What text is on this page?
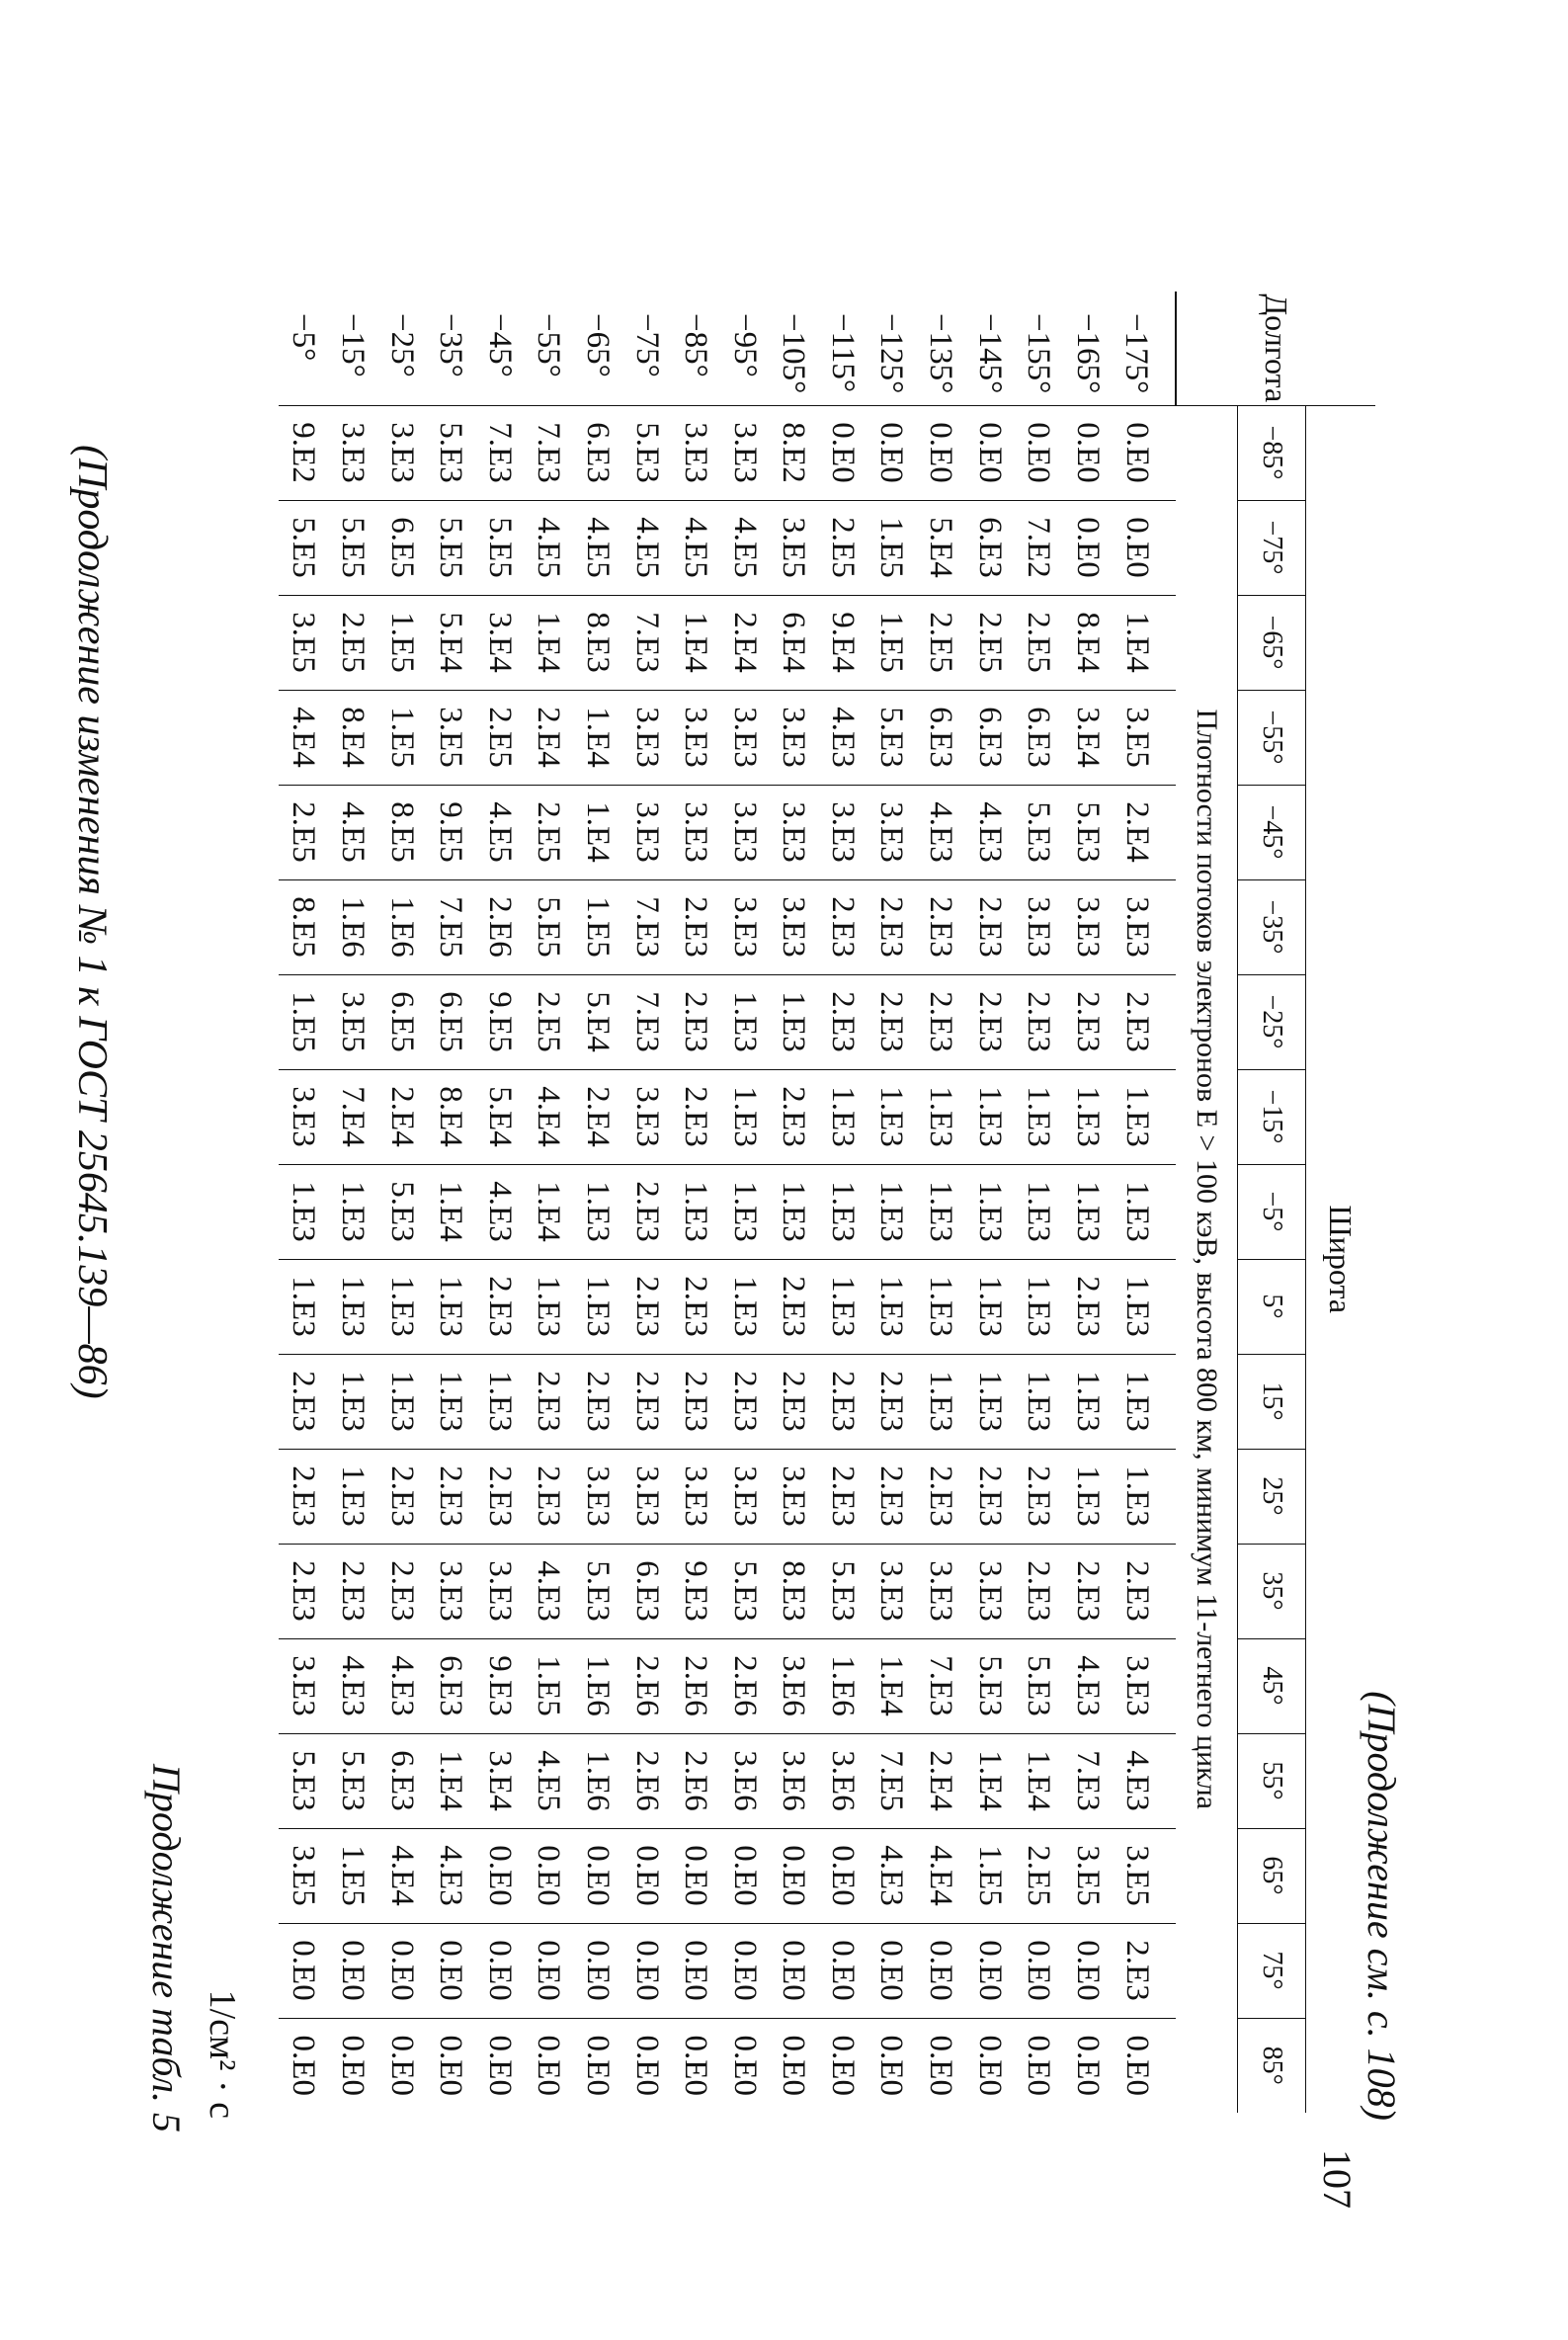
(Продолжение изменения № 1 к ГОСТ 25645.139—86)
Продолжение табл. 5 1/см² · с
Долгота	Широта																	
	−85°	−75°	−65°	−55°	−45°	−35°	−25°	−15°	−5°	5°	15°	25°	35°	45°	55°	65°	75°	85°
	Плотности потоков электронов E > 100 кэВ, высота 800 км, минимум 11-летнего цикла																	
−175°	0.E0	0.E0	1.E4	3.E5	2.E4	3.E3	2.E3	1.E3	1.E3	1.E3	1.E3	1.E3	2.E3	3.E3	4.E3	3.E5	2.E3	0.E0
−165°	0.E0	0.E0	8.E4	3.E4	5.E3	3.E3	2.E3	1.E3	1.E3	2.E3	1.E3	1.E3	2.E3	4.E3	7.E3	3.E5	0.E0	0.E0
−155°	0.E0	7.E2	2.E5	6.E3	5.E3	3.E3	2.E3	1.E3	1.E3	1.E3	1.E3	2.E3	2.E3	5.E3	1.E4	2.E5	0.E0	0.E0
−145°	0.E0	6.E3	2.E5	6.E3	4.E3	2.E3	2.E3	1.E3	1.E3	1.E3	1.E3	2.E3	3.E3	5.E3	1.E4	1.E5	0.E0	0.E0
−135°	0.E0	5.E4	2.E5	6.E3	4.E3	2.E3	2.E3	1.E3	1.E3	1.E3	1.E3	2.E3	3.E3	7.E3	2.E4	4.E4	0.E0	0.E0
−125°	0.E0	1.E5	1.E5	5.E3	3.E3	2.E3	2.E3	1.E3	1.E3	1.E3	2.E3	2.E3	3.E3	1.E4	7.E5	4.E3	0.E0	0.E0
−115°	0.E0	2.E5	9.E4	4.E3	3.E3	2.E3	2.E3	1.E3	1.E3	1.E3	2.E3	2.E3	5.E3	1.E6	3.E6	0.E0	0.E0	0.E0
−105°	8.E2	3.E5	6.E4	3.E3	3.E3	3.E3	1.E3	2.E3	1.E3	2.E3	2.E3	3.E3	8.E3	3.E6	3.E6	0.E0	0.E0	0.E0
−95°	3.E3	4.E5	2.E4	3.E3	3.E3	3.E3	1.E3	1.E3	1.E3	1.E3	2.E3	3.E3	5.E3	2.E6	3.E6	0.E0	0.E0	0.E0
−85°	3.E3	4.E5	1.E4	3.E3	3.E3	2.E3	2.E3	2.E3	1.E3	2.E3	2.E3	3.E3	9.E3	2.E6	2.E6	0.E0	0.E0	0.E0
−75°	5.E3	4.E5	7.E3	3.E3	3.E3	7.E3	7.E3	3.E3	2.E3	2.E3	2.E3	3.E3	6.E3	2.E6	2.E6	0.E0	0.E0	0.E0
−65°	6.E3	4.E5	8.E3	1.E4	1.E4	1.E5	5.E4	2.E4	1.E3	1.E3	2.E3	3.E3	5.E3	1.E6	1.E6	0.E0	0.E0	0.E0
−55°	7.E3	4.E5	1.E4	2.E4	2.E5	5.E5	2.E5	4.E4	1.E4	1.E3	2.E3	2.E3	4.E3	1.E5	4.E5	0.E0	0.E0	0.E0
−45°	7.E3	5.E5	3.E4	2.E5	4.E5	2.E6	9.E5	5.E4	4.E3	2.E3	1.E3	2.E3	3.E3	9.E3	3.E4	0.E0	0.E0	0.E0
−35°	5.E3	5.E5	5.E4	3.E5	9.E5	7.E5	6.E5	8.E4	1.E4	1.E3	1.E3	2.E3	3.E3	6.E3	1.E4	4.E3	0.E0	0.E0
−25°	3.E3	6.E5	1.E5	1.E5	8.E5	1.E6	6.E5	2.E4	5.E3	1.E3	1.E3	2.E3	2.E3	4.E3	6.E3	4.E4	0.E0	0.E0
−15°	3.E3	5.E5	2.E5	8.E4	4.E5	1.E6	3.E5	7.E4	1.E3	1.E3	1.E3	1.E3	2.E3	4.E3	5.E3	1.E5	0.E0	0.E0
−5°	9.E2	5.E5	3.E5	4.E4	2.E5	8.E5	1.E5	3.E3	1.E3	1.E3	2.E3	2.E3	2.E3	3.E3	5.E3	3.E5	0.E0	0.E0	(Продолжение см. с. 108)
107
